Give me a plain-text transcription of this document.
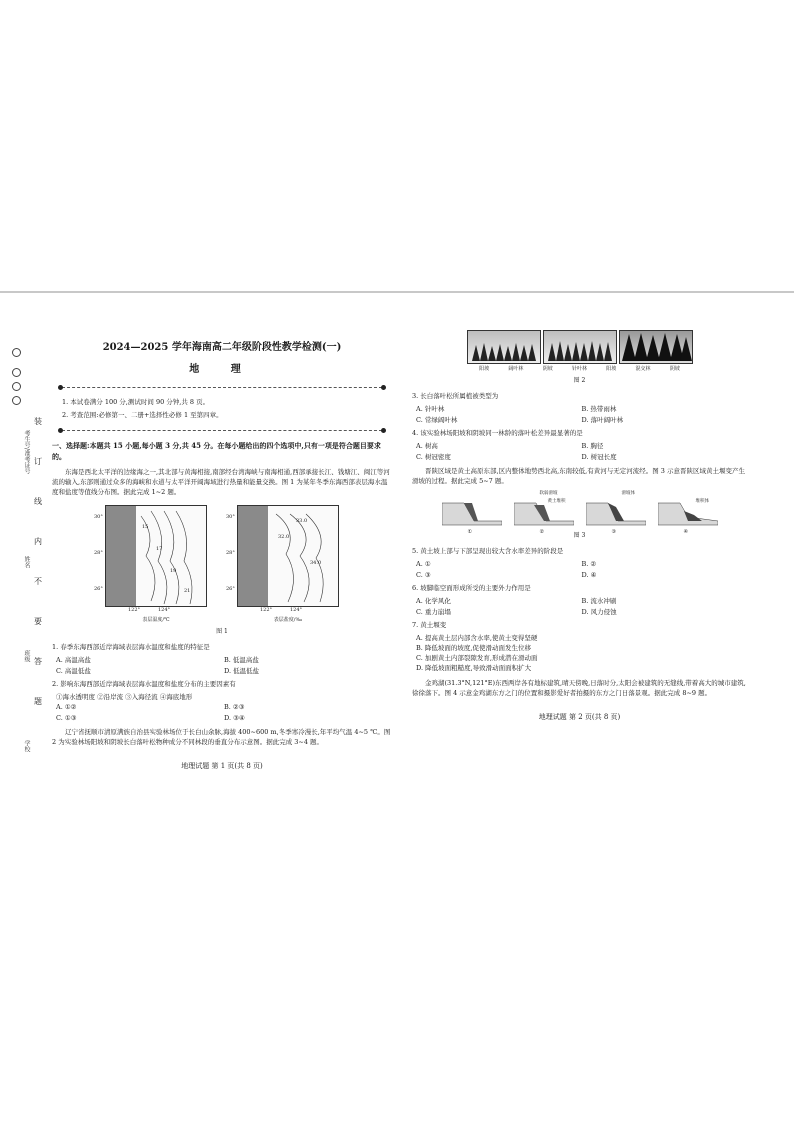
装
订
线
内
不
要
答
题
考生号/准考证号
姓名
班级
学校
2024—2025 学年海南高二年级阶段性教学检测(一)
地 理
1. 本试卷满分 100 分,测试时间 90 分钟,共 8 页。
2. 考查范围:必修第一、二册+选择性必修 1 至第四章。
一、选择题:本题共 15 小题,每小题 3 分,共 45 分。在每小题给出的四个选项中,只有一项是符合题目要求的。
东海是西北太平洋的边缘海之一,其北部与黄海相接,南部经台湾海峡与南海相通,西部承接长江、钱塘江、闽江等河流的输入,东部则通过众多的海峡和水道与太平洋开阔海域进行热量和能量交换。图 1 为某年冬季东海西部表层海水温度和盐度等值线分布图。据此完成 1~2 题。
15
17
19
21
30°
28°
26°
122°	124°
表层温度/℃
32.0
33.0
34.0
30°
28°
26°
122°	124°
表层盐度/‰
图 1
1. 春季东海西部近岸海域表层海水温度和盐度的特征是
A. 高温高盐	B. 低温高盐
C. 高温低盐	D. 低温低盐
2. 影响东海西部近岸海域表层海水温度和盐度分布的主要因素有
①海水透明度 ②沿岸流 ③入海径流 ④海底地形
A. ①②	B. ②③
C. ①③	D. ③④
辽宁省抚顺市清原满族自治县实验林场位于长白山余脉,海拔 400~600 m,冬季寒冷漫长,年平均气温 4~5 ℃。图 2 为实验林场阳坡和阴坡长白落叶松物种成分不同林段的垂直分布示意图。据此完成 3~4 题。
地理试题 第 1 页(共 8 页)
阳坡	阔叶林	阴坡	针叶林	阳坡	混交林	阴坡
图 2
3. 长白落叶松所属植被类型为
A. 针叶林	B. 热带雨林
C. 常绿阔叶林	D. 落叶阔叶林
4. 该实验林场阳坡和阴坡同一林龄的落叶松差异最显著的是
A. 树高	B. 胸径
C. 树冠密度	D. 树冠长度
晋陕区域是黄土高原东部,区内整体地势西北高,东南较低,有黄河与无定河流经。图 3 示意晋陕区域黄土堰变产生滑坡的过程。据此完成 5~7 题。
①
软弱滑坡
黄土堆积
②
滑坡体
③
堆积体
④
图 3
5. 黄土坡上部与下部呈现出较大含水率差异的阶段是
A. ①	B. ②
C. ③	D. ④
6. 坡脚临空面形成所受的主要外力作用是
A. 化学风化	B. 流水冲刷
C. 重力崩塌	D. 风力侵蚀
7. 黄土堰变
A. 提高黄土层内部含水率,使黄土变得坚硬
B. 降低坡面的坡度,促使滑动面发生位移
C. 加剧黄土内部裂隙发育,形成潜在滑动面
D. 降低坡面粗糙度,导致滑动面面积扩大
金鸡湖(31.3°N,121°E)东西两岸各有地标建筑,晴天傍晚,日落时分,太阳会被建筑的无缝线,带着高大的城市建筑,徐徐落下。图 4 示意金鸡湖东方之门的位置和摄影爱好者拍摄的东方之门日落景观。据此完成 8~9 题。
地理试题 第 2 页(共 8 页)
